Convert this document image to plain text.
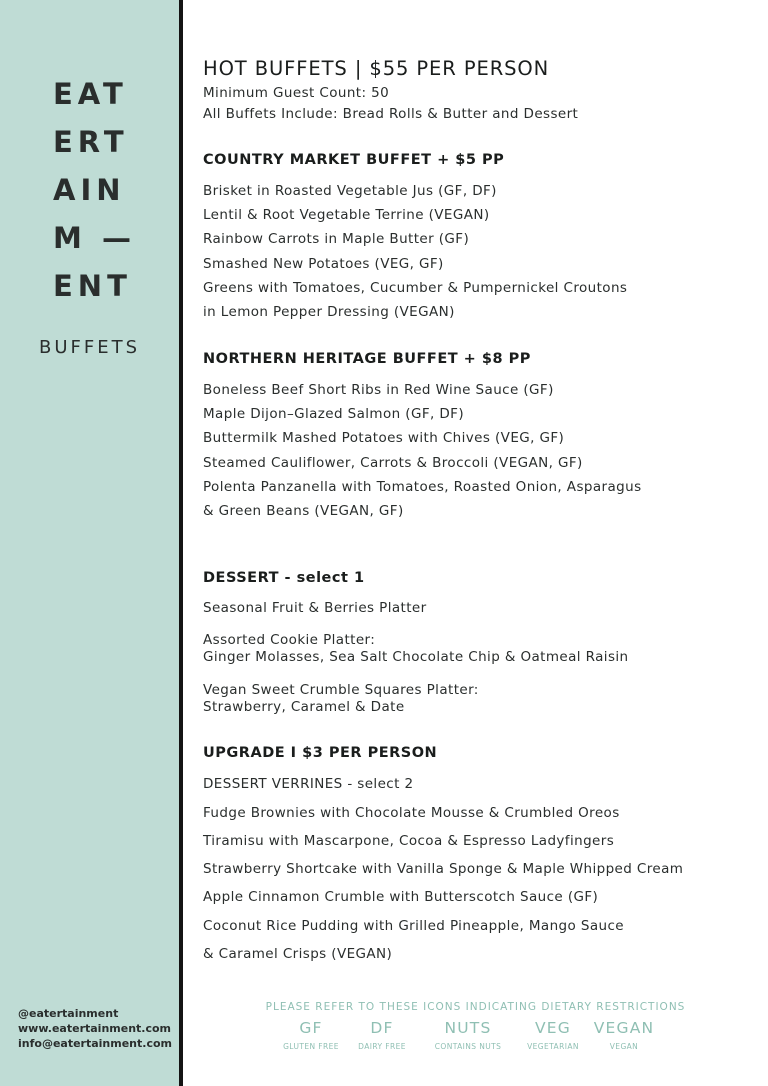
EAT
ERT
AIN
M —
ENT
BUFFETS
@eatertainment
www.eatertainment.com
info@eatertainment.com
HOT BUFFETS | $55 PER PERSON
Minimum Guest Count: 50
All Buffets Include: Bread Rolls & Butter and Dessert
COUNTRY MARKET BUFFET + $5 PP
Brisket in Roasted Vegetable Jus (GF, DF)
Lentil & Root Vegetable Terrine (VEGAN)
Rainbow Carrots in Maple Butter (GF)
Smashed New Potatoes (VEG, GF)
Greens with Tomatoes, Cucumber & Pumpernickel Croutons
in Lemon Pepper Dressing (VEGAN)
NORTHERN HERITAGE BUFFET + $8 PP
Boneless Beef Short Ribs in Red Wine Sauce (GF)
Maple Dijon–Glazed Salmon (GF, DF)
Buttermilk Mashed Potatoes with Chives (VEG, GF)
Steamed Cauliflower, Carrots & Broccoli (VEGAN, GF)
Polenta Panzanella with Tomatoes, Roasted Onion, Asparagus
& Green Beans (VEGAN, GF)
DESSERT - select 1
Seasonal Fruit & Berries Platter
Assorted Cookie Platter:
Ginger Molasses, Sea Salt Chocolate Chip & Oatmeal Raisin
Vegan Sweet Crumble Squares Platter:
Strawberry, Caramel & Date
UPGRADE I $3 PER PERSON
DESSERT VERRINES - select 2
Fudge Brownies with Chocolate Mousse & Crumbled Oreos
Tiramisu with Mascarpone, Cocoa & Espresso Ladyfingers
Strawberry Shortcake with Vanilla Sponge & Maple Whipped Cream
Apple Cinnamon Crumble with Butterscotch Sauce (GF)
Coconut Rice Pudding with Grilled Pineapple, Mango Sauce
& Caramel Crisps (VEGAN)
PLEASE REFER TO THESE ICONS INDICATING DIETARY RESTRICTIONS
GF
GLUTEN FREE
DF
DAIRY FREE
NUTS
CONTAINS NUTS
VEG
VEGETARIAN
VEGAN
VEGAN
